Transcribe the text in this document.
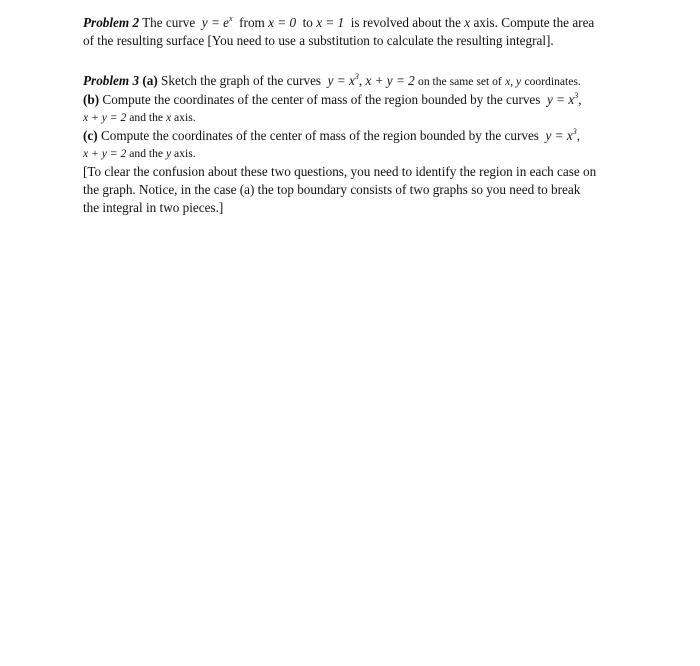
Problem 2 The curve $y = e^x$ from x = 0 to x = 1 is revolved about the x axis. Compute the area
of the resulting surface [You need to use a substitution to calculate the resulting integral].
Problem 3 (a) Sketch the graph of the curves $y = x^3$, x + y = 2 on the same set of x, y coordinates.
(b) Compute the coordinates of the center of mass of the region bounded by the curves $y = x^3$,
x + y = 2 and the x axis.
(c) Compute the coordinates of the center of mass of the region bounded by the curves $y = x^3$,
x + y = 2 and the y axis.
[To clear the confusion about these two questions, you need to identify the region in each case on
the graph. Notice, in the case (a) the top boundary consists of two graphs so you need to break
the integral in two pieces.]
